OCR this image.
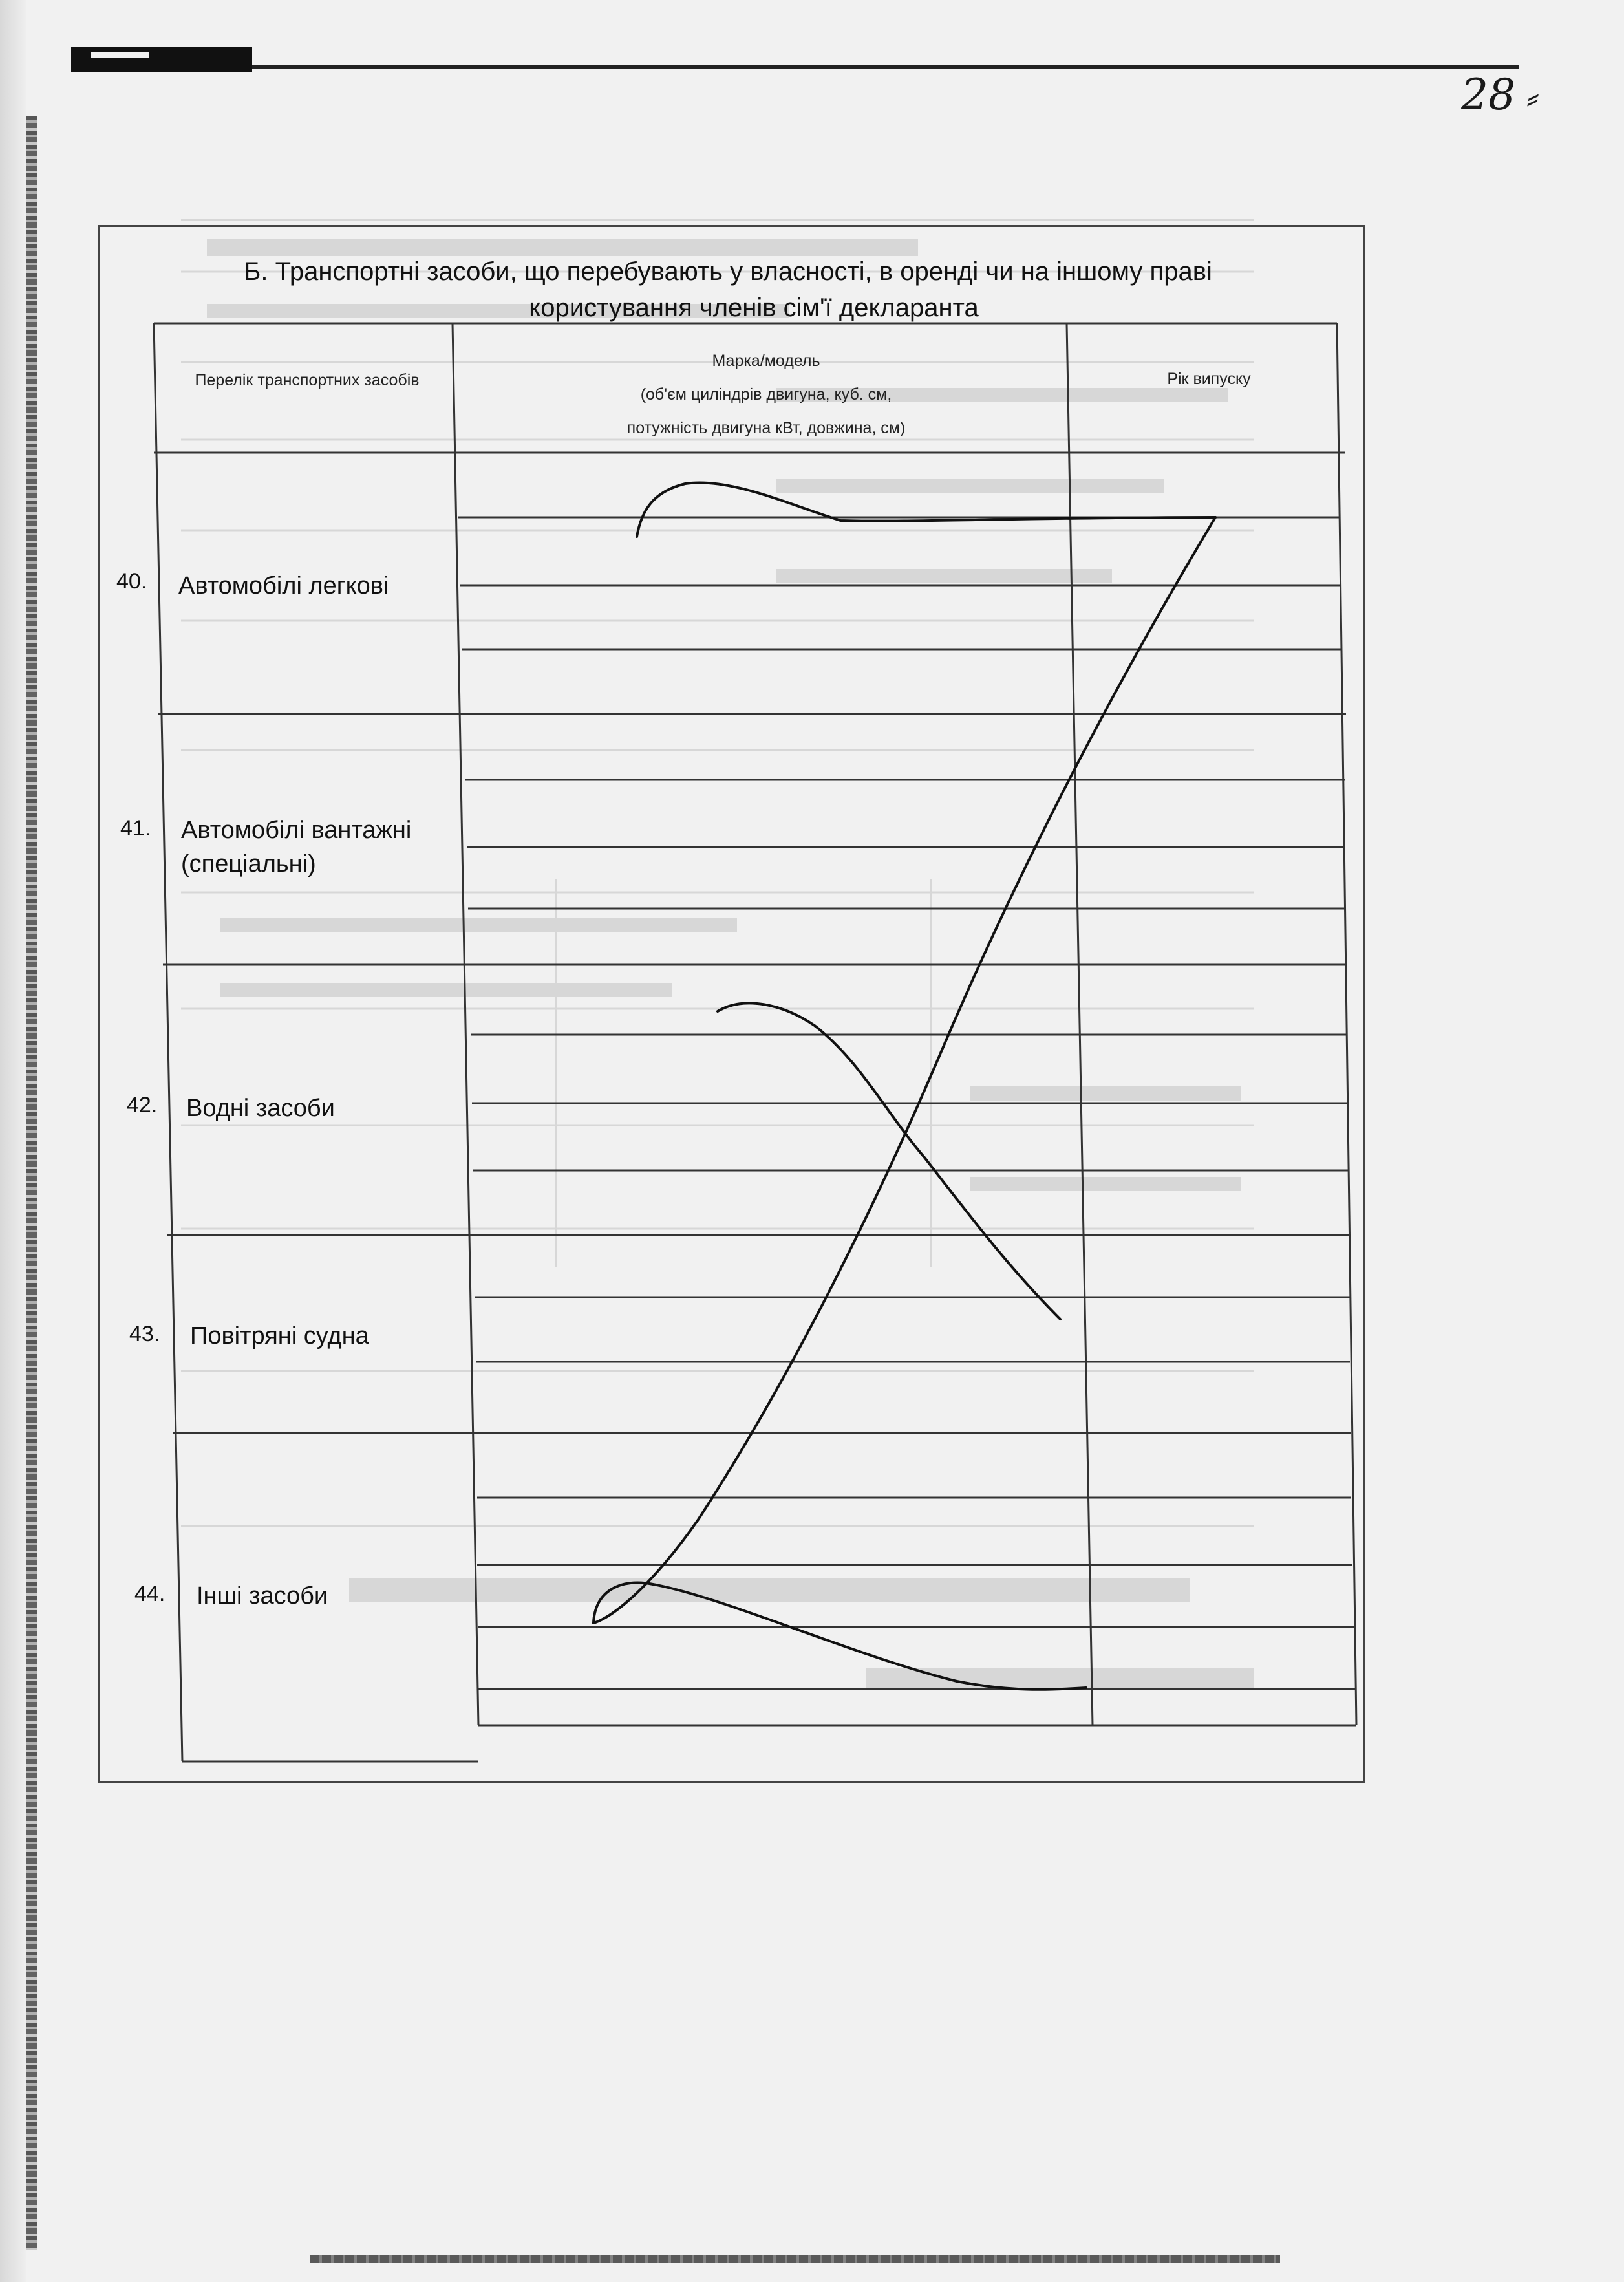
28 ⸗
Б. Транспортні засоби, що перебувають у власності, в оренді чи на іншому праві
користування членів сім'ї декларанта
Перелік транспортних засобів
Марка/модель
(об'єм циліндрів двигуна, куб. см,
потужність двигуна кВт, довжина, см)
Рік випуску
40. Автомобілі легкові
41. Автомобілі вантажні
(спеціальні)
42. Водні засоби
43. Повітряні судна
44. Інші засоби
